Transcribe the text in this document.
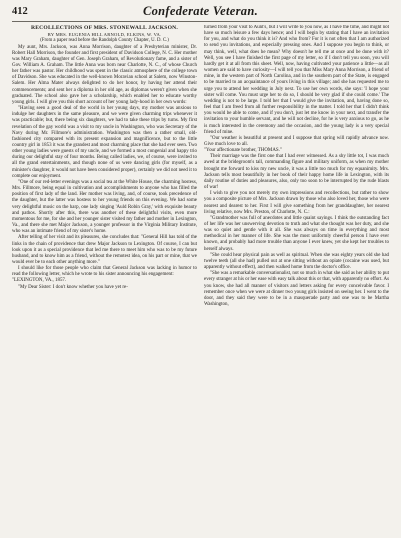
412	Confederate Veteran.
RECOLLECTIONS OF MRS. STONEWALL JACKSON.
BY MRS. EUGENIA HILL ARNOLD, ELKINS, W. VA.
(From a paper read before the Randolph County Chapter, U. D. C.)

My aunt, Mrs. Jackson, was Anna Morrison, daughter of a Presbyterian minister, Dr. Robert Hall Morrison, the founder and first president of Davidson College, N. C. Her mother was Mary Graham, daughter of Gen. Joseph Graham, of Revolutionary fame, and a sister of Gov. William A. Graham. The little Anna was born near Charlotte, N. C., of whose Church her father was pastor. Her childhood was spent in the classic atmosphere of the college town of Davidson. She was educated in the well-known Moravian school at Salem, now Winston-Salem. Her Alma Mater always delighted to do her honor, by having her attend their commencements; and sent her a diploma in her old age, as diplomas weren't given when she graduated. The school also gave her a scholarship, which enabled her to educate worthy young girls. I will give you this short account of her young lady-hood in her own words:

"Having seen a good deal of the world in her young days, my mother was anxious to indulge her daughters in the same pleasure, and we were given charming trips whenever it was practicable; but, there being six daughters, we had to take these trips by turns. My first revelation of the gay world was a visit to my uncle in Washington, who was Secretary of the Navy during Mr. Fillmore's administration. Washington was then a rather small, old-fashioned city compared with its present expansion and magnificence, but to the little country girl in 1853 it was the grandest and most charming place that she had ever seen. Two other young ladies were guests of my uncle, and we formed a most congenial and happy trio during our delightful stay of four months. Being called ladies, we, of course, were invited to all the grand entertainments, and though none of us were dancing girls (for myself, as a minister's daughter, it would not have been considered proper), certainly we did not need it to complete our enjoyment.

"One of our red-letter evenings was a social tea at the White House, the charming hostess, Mrs. Fillmore, being equal in cultivation and accomplishments to anyone who has filled the position of first lady of the land. Her mother was living, and, of course, took precedence of the daughter, but the latter was hostess to her young friends on this evening. We had some very delightful music on the harp, one lady singing 'Auld Robin Gray,' with exquisite beauty and pathos. Shortly after this, there was another of these delightful visits, even more momentous for me, for she and her younger sister visited my father and mother in Lexington, Va., and there she met Major Jackson, a younger professor in the Virginia Military Institute, who was an intimate friend of my sister's home.

After telling of her visit and its pleasures, she concludes that: "General Hill has told of the links in the chain of providence that drew Major Jackson to Lexington. Of course, I can but look upon it as a special providence that led me there to meet him who was to be my future husband, and to know him as a friend, without the remotest idea, on his part or mine, that we would ever be to each other anything more."

I should like for those people who claim that General Jackson was lacking in humor to read the following letter, which he wrote to his sister announcing his engagement:

"LEXINGTON, VA., 1857.

"My Dear Sister: I don't know whether you have yet re-

turned from your visit to Aunt's, but I will write to you now, as I have the time, and might not have so much leisure a few days hence; and I will begin by stating that I have an invitation for you, and what do you think it is? And who from? For it is not often that I am authorized to send you invitations, and especially pressing ones. And I suppose you begin to think, or may think, well, what does he mean? Why doesn't he tell me at once and be done with it? Well, you see I have finished the first page of my letter, so if I don't tell you soon, you will hardly get it at all from this sheet. Well, now, having cultivated your patience a little—as all women are said to have curiosity—I will tell you that Miss Mary Anna Morrison, a friend of mine, in the western part of North Carolina, and in the southern part of the State, is engaged to be married to an acquaintance of yours living in this village; and she has requested me to urge you to attend her wedding in July next. To use her own words, she says: 'I hope your sister will come. You must urge her to do so, I should be very glad if she could come.' The wedding is not to be large. I told her that I would give the invitation, and, having done so, feel that I am freed from all further responsibility in the matter. I told her that I didn't think you would be able to come, and if you don't, just let me know in your next, and transfer the invitation to your humble servant, and he will not decline, for he is very anxious to go, as he is much interested in the ceremony and the occasion, and the young lady is a very special friend of mine.

"Our weather is beautiful at present and I suppose that spring will rapidly advance now. Give much love to all.

"Your affectionate brother, THOMAS."

Their marriage was the first one that I had ever witnessed. As a shy little tot, I was much awed at the bridegroom's tall, commanding figure and military uniform, as when my mother brought me forward to kiss my new uncle, it was a little too much for my equanimity. Mrs. Jackson tells most beautifully in her book of their happy home life in Lexington, with its daily routine of duties and pleasures, also, only too soon to be interrupted by the rude blasts of war!

I wish to give you not merely my own impressions and recollections, but rather to show you a composite picture of Mrs. Jackson drawn by those who also loved her, those who were nearest and dearest to her. First I will give something from her granddaughter, her nearest living relative, now Mrs. Preston, of Charlotte, N. C.:

"Grandmother was full of anecdotes and little quaint sayings. I think the outstanding fact of her life was her unswerving devotion to truth and what she thought was her duty, and she was so quiet and gentle with it all. She was always on time in everything and most methodical in her manner of life. She was the most uniformly cheerful person I have ever known, and probably had more trouble than anyone I ever knew, yet she kept her troubles to herself always.

"She could hear physical pain as well as spiritual. When she was eighty years old she had twelve teeth (all she had) pulled out at one sitting without an opiate (cocaine was used, but apparently without effect), and then walked home from the doctor's office.

"She was a remarkable conversationalist, not so much in what she said as her ability to put every stranger at his or her ease with easy talk about this or that, with apparently no effort. As you know, she had all manner of visitors and letters asking for every conceivable favor. I remember once when we were at dinner two young girls insisted on seeing her. I went to the door, and they said they were to be in a masquerade party and one was to be Martha Washington,
